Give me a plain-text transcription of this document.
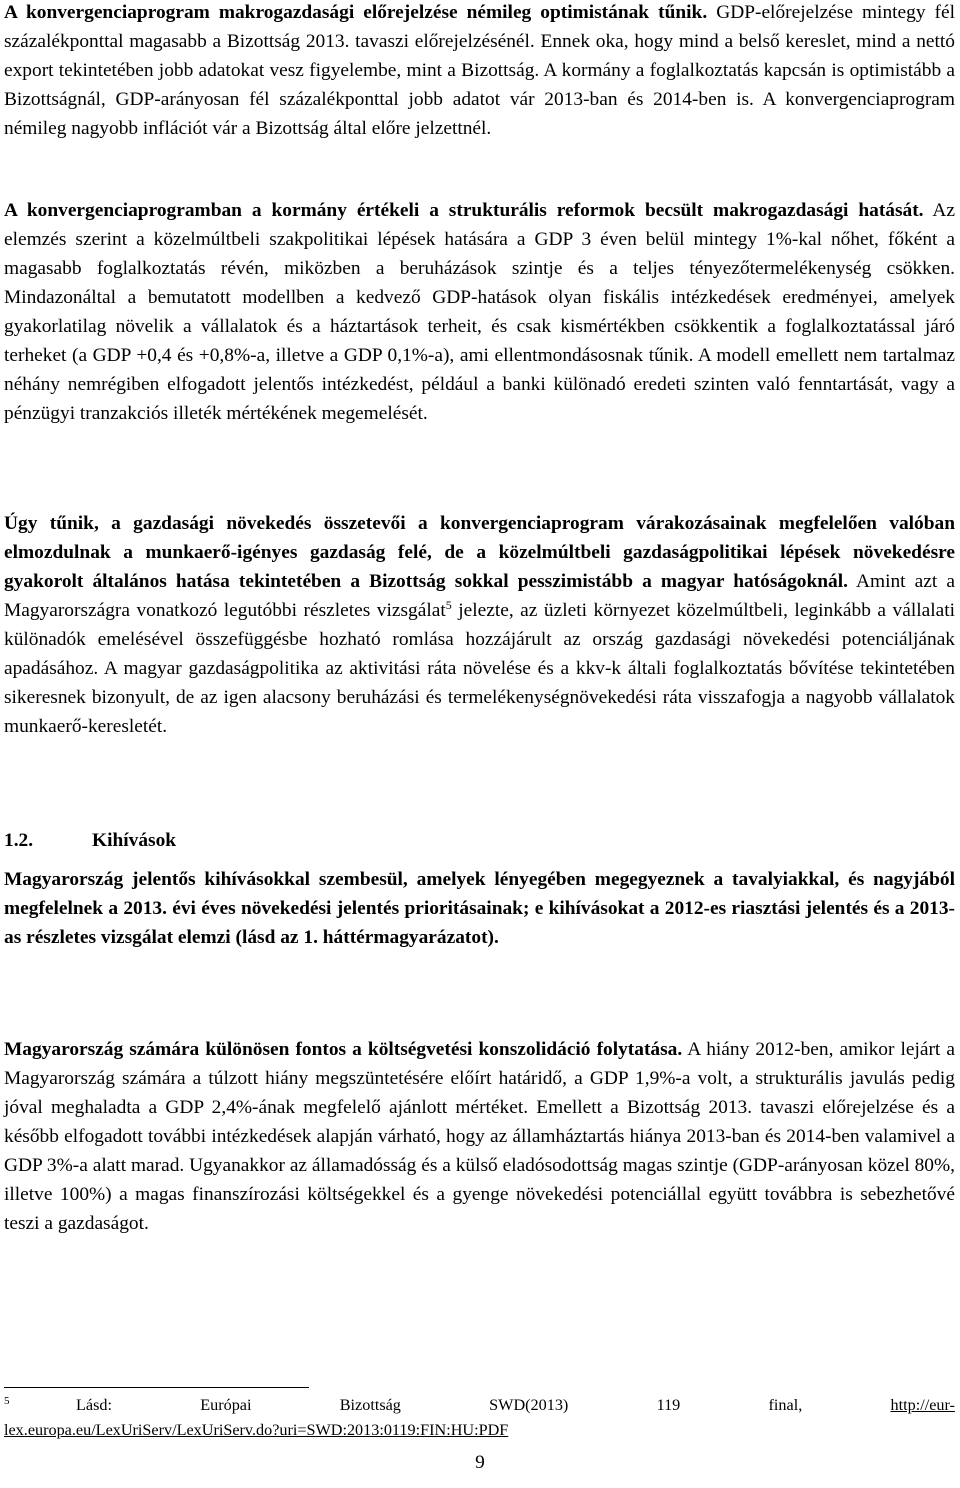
A konvergenciaprogram makrogazdasági előrejelzése némileg optimistának tűnik. GDP-előrejelzése mintegy fél százalékponttal magasabb a Bizottság 2013. tavaszi előrejelzésénél. Ennek oka, hogy mind a belső kereslet, mind a nettó export tekintetében jobb adatokat vesz figyelembe, mint a Bizottság. A kormány a foglalkoztatás kapcsán is optimistább a Bizottságnál, GDP-arányosan fél százalékponttal jobb adatot vár 2013-ban és 2014-ben is. A konvergenciaprogram némileg nagyobb inflációt vár a Bizottság által előre jelzettnél.

A konvergenciaprogramban a kormány értékeli a strukturális reformok becsült makrogazdasági hatását. Az elemzés szerint a közelmúltbeli szakpolitikai lépések hatására a GDP 3 éven belül mintegy 1%-kal nőhet, főként a magasabb foglalkoztatás révén, miközben a beruházások szintje és a teljes tényezőtermelékenység csökken. Mindazonáltal a bemutatott modellben a kedvező GDP-hatások olyan fiskális intézkedések eredményei, amelyek gyakorlatilag növelik a vállalatok és a háztartások terheit, és csak kismértékben csökkentik a foglalkoztatással járó terheket (a GDP +0,4 és +0,8%-a, illetve a GDP 0,1%-a), ami ellentmondásosnak tűnik. A modell emellett nem tartalmaz néhány nemrégiben elfogadott jelentős intézkedést, például a banki különadó eredeti szinten való fenntartását, vagy a pénzügyi tranzakciós illeték mértékének megemelését.

Úgy tűnik, a gazdasági növekedés összetevői a konvergenciaprogram várakozásainak megfelelően valóban elmozdulnak a munkaerő-igényes gazdaság felé, de a közelmúltbeli gazdaságpolitikai lépések növekedésre gyakorolt általános hatása tekintetében a Bizottság sokkal pesszimistább a magyar hatóságoknál. Amint azt a Magyarországra vonatkozó legutóbbi részletes vizsgálat$^5$ jelezte, az üzleti környezet közelmúltbeli, leginkább a vállalati különadók emelésével összefüggésbe hozható romlása hozzájárult az ország gazdasági növekedési potenciáljának apadásához. A magyar gazdaságpolitika az aktivitási ráta növelése és a kkv-k általi foglalkoztatás bővítése tekintetében sikeresnek bizonyult, de az igen alacsony beruházási és termelékenységnövekedési ráta visszafogja a nagyobb vállalatok munkaerő-keresletét.

1.2.	Kihívások

Magyarország jelentős kihívásokkal szembesül, amelyek lényegében megegyeznek a tavalyiakkal, és nagyjából megfelelnek a 2013. évi éves növekedési jelentés prioritásainak; e kihívásokat a 2012-es riasztási jelentés és a 2013-as részletes vizsgálat elemzi (lásd az 1. háttérmagyarázatot).

Magyarország számára különösen fontos a költségvetési konszolidáció folytatása. A hiány 2012-ben, amikor lejárt a Magyarország számára a túlzott hiány megszüntetésére előírt határidő, a GDP 1,9%-a volt, a strukturális javulás pedig jóval meghaladta a GDP 2,4%-ának megfelelő ajánlott mértéket. Emellett a Bizottság 2013. tavaszi előrejelzése és a később elfogadott további intézkedések alapján várható, hogy az államháztartás hiánya 2013-ban és 2014-ben valamivel a GDP 3%-a alatt marad. Ugyanakkor az államadósság és a külső eladósodottság magas szintje (GDP-arányosan közel 80%, illetve 100%) a magas finanszírozási költségekkel és a gyenge növekedési potenciállal együtt továbbra is sebezhetővé teszi a gazdaságot.

5	Lásd:	Európai	Bizottság	SWD(2013)	119	final,	http://eur-
lex.europa.eu/LexUriServ/LexUriServ.do?uri=SWD:2013:0119:FIN:HU:PDF
9
